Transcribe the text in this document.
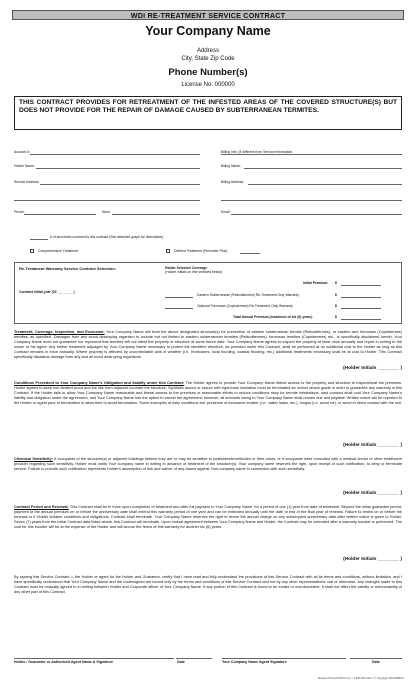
WDI RE-TREATMENT SERVICE CONTRACT
Your Company Name
Address
City, State Zip Code
Phone Number(s)
License No. 000000
THIS CONTRACT PROVIDES FOR RETREATMENT OF THE INFESTED AREAS OF THE COVERED STRUCTURE(S) BUT DOES NOT PROVIDE FOR THE REPAIR OF DAMAGE CAUSED BY SUBTERRANEAN TERMITES.
Account #:	Billing Info: (if different from Service Information
Holder Name:	Billing Name:
Service Address:	Billing Address:
Phone:	Work:	Email:
# of structures covered by this contract (See attached graph for description)
Comprehensive Treatment	Defined Treatment (Perimeter Plus)
Re-Treatment Warranty Service Contract Selection:
Contract Initial year (20 ________ )
Holder Selected Coverage
(Holder initials on line selected below)
Initial Premium: $
Eastern Subterranean (Reticulitermes) Re-Treatment Only Warranty	$
Optional Formosan (Coptotermes) Re-Treatment Only Warranty	$
Total Annual Premium (maximum of six (6) years)	$
Treatment, Coverage, Inspection, and Exclusion: Your Company Name will treat the above designated structure(s) for prevention of eastern subterranean termite (Reticulitermes), or eastern and formosan (Coptotermes) termites, as specified. Damages from any wood destroying organism to include but not limited to eastern subterranean termites (Reticulitermes), formosan termites (Coptotermes) etc., is specifically disclaimed herein. Your Company Name does not guarantee nor represent that termites will not infest the property or structure at some future date. Your Company Name agrees to inspect the property at least once annually and report in writing to the owner or his agent. Any further treatment adjudged by Your Company Name necessary to protect the identified structure, as provided under this Contract, shall be performed at no additional cost to the Holder as long as this Contract remains in force annually. Where property is affected by uncontrollable acts of weather (i.e. Hurricanes, local flooding, coastal flooding, etc.) additional treatments necessary shall be at cost to Holder. This Contract specifically disclaims damage from any and all wood destroying organisms.
(Holder Initials ________ )
Conditions Precedent to Your Company Name's Obligation and liability under this Contract: The Holder agrees to provide Your Company Name liberal access to the property and structure to inspect/treat the premises. Holder agrees to keep non-treated wood and the like from adjacent to/under the structure. Synthetic stucco or stucco with rigid-foam insulation must be terminated six inches above grade in order to guarantee any warranty in this Contract. If the Holder fails to allow Your Company Name reasonable and liberal access to the premises or reasonable efforts to reduce conditions risky for termite infestations, said conduct shall void Your Company Name's liability and obligation under the agreement, and Your Company Name has the option to cancel the agreement; however, all amounts owing to Your Company Name shall remain due and payable. Written notice will be reported to the Holder or agent prior to termination to allow time to avoid termination. Some examples of risky conditions are: presence of excessive moister (i.e.: water leaks, etc.), fungus (i.e. wood rot), or wood in direct contact with the soil.
(Holder Initials ________ )
Chemical Sensitivity: If occupants of the structure(s) or adjacent buildings believe they are or may be sensitive to pesticides/termiticides or their odors, or if occupants have consulted with a medical doctor or other healthcare provider regarding such sensitivity, Holder must notify Your company name in writing in advance of treatment of the structure(s). Your company name reserves the right, upon receipt of such notification, to deny or terminate service. Failure to provide such notification represents Holder's assumption of risk and waiver of any claims against Your company name in connection with such sensitivity.
(Holder Initials ________ )
Contract Period and Renewal: This Contract shall be in force upon completion of treatment and after full payment to Your Company Name, for a period of one (1) year from date of treatment. Beyond the initial guarantee period, payment of the annual premium on or before the anniversary date shall extend this warranty period of one year and can be extended annually until the date of end of the final year of renewal. Failure to renew on or before the renewal or if Holder violates conditions and obligations, Contract shall terminate. Your Company Name reserves the right to revise the annual charge on any subsequent anniversary date after written notice is given to Holder. Seven (7) years from the initial Contract date listed above, this Contract will terminate. Upon mutual agreement between Your Company Name and Holder, the Contract may be extended after a warranty booster is performed. The cost for this booster will be at the expense of the Holder and will secure the terms of this warranty for another six (6) years.
(Holder Initials ________ )
By signing this Service Contract, I, the Holder or agent for the Holder and Guarantor, certify that I have read and fully understand the provisions of this Service Contract with all its terms and conditions, without limitation, and I have specifically understood that Your Company Name and the undersigned are bound only by the terms and conditions of this Service Contract and not by any other representations oral or otherwise. Any changes made to this Contract must be mutually agreed to in writing between Holder and Corporate officer of Your Company Name. If any portion of this Contract is found to be invalid or unenforceable, it shall not affect the validity or enforceability of any other part of this Contract.
Holder / Guarantor or Authorized Agent Name & Signature	Date	Your Company Name Agent Signature	Date
Revision Printed #7004-3 rev • 1-800-000-4411 • © Copyright CRS/SNB/A1
